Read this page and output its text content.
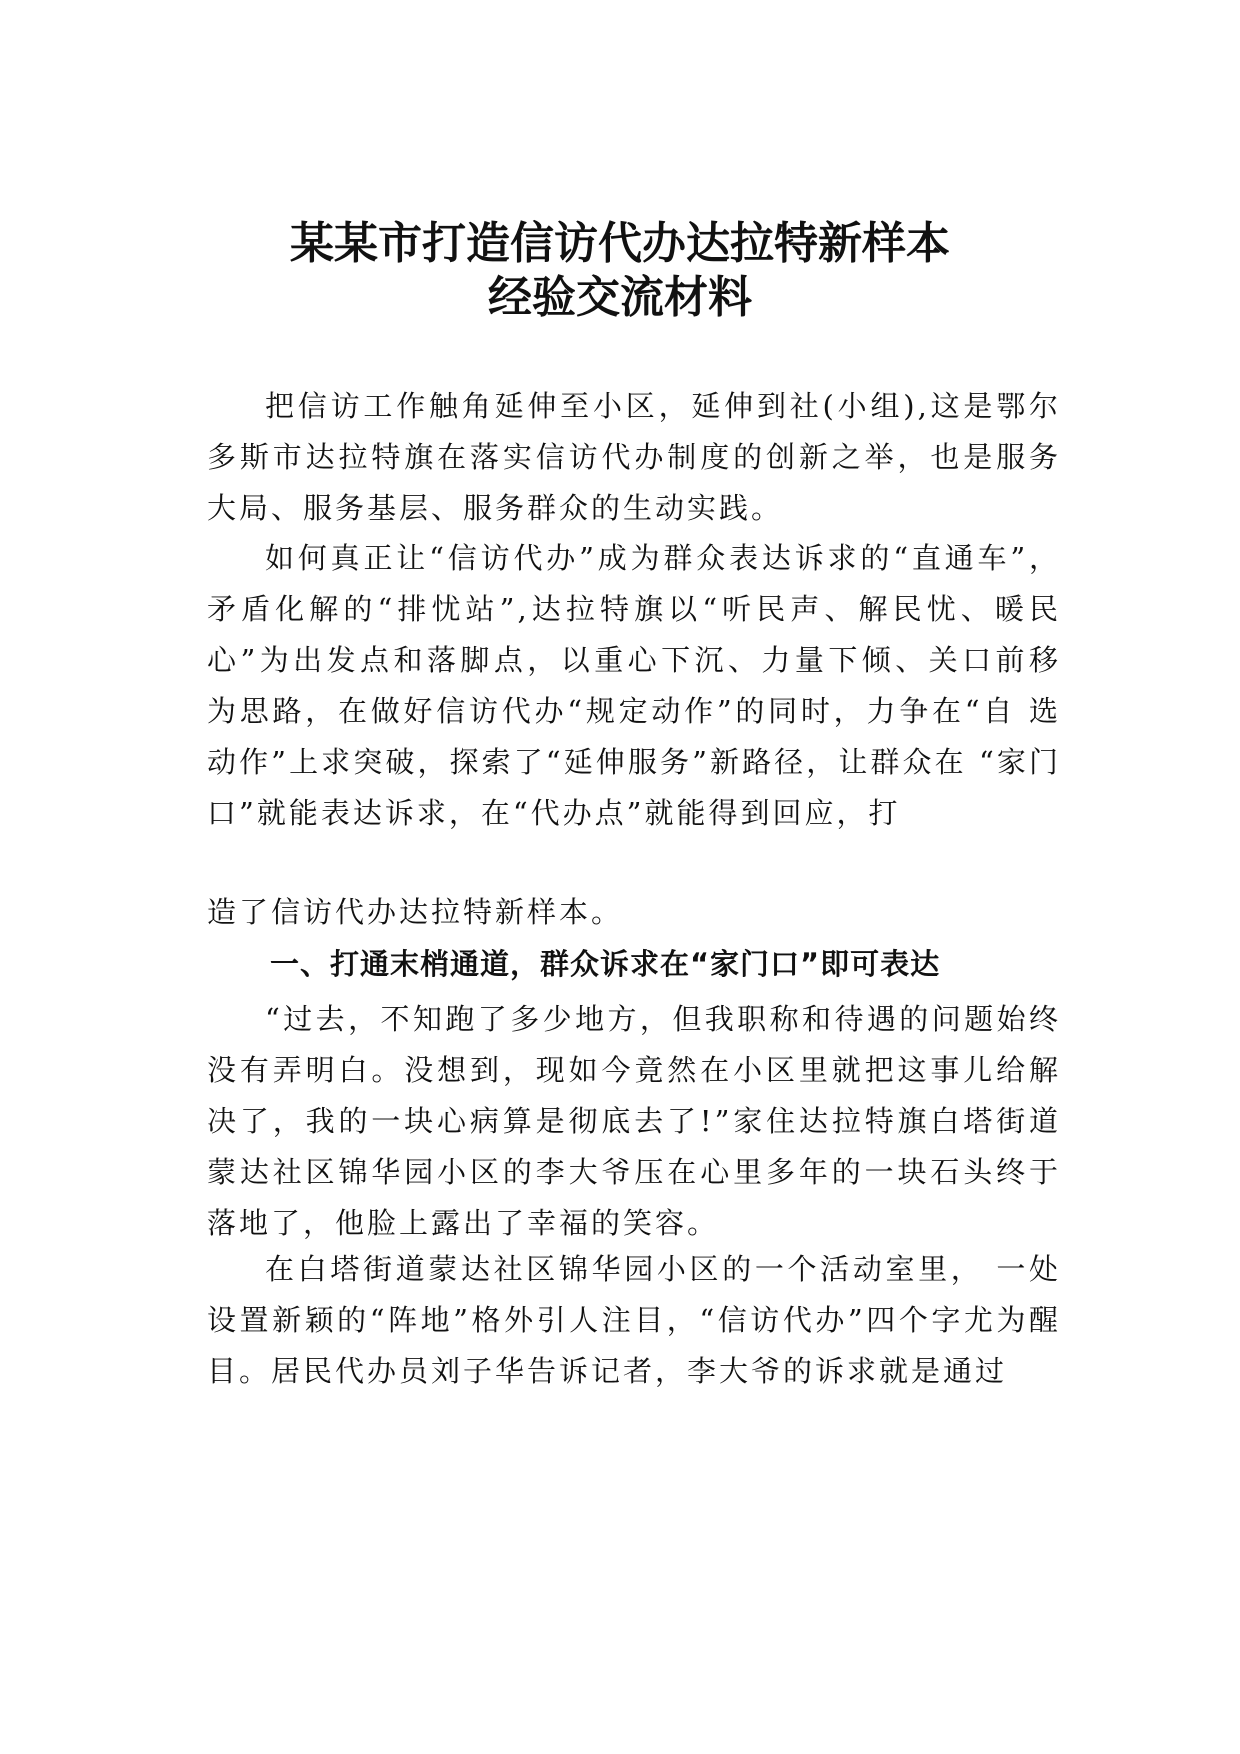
某某市打造信访代办达拉特新样本
经验交流材料

把信访工作触角延伸至小区，延伸到社(小组),这是鄂尔多斯市达拉特旗在落实信访代办制度的创新之举，也是服务大局、服务基层、服务群众的生动实践。

如何真正让“信访代办”成为群众表达诉求的“直通车”，矛盾化解的“排忧站”,达拉特旗以“听民声、解民忧、暖民 心”为出发点和落脚点，以重心下沉、力量下倾、关口前移 为思路，在做好信访代办“规定动作”的同时，力争在“自 选动作”上求突破，探索了“延伸服务”新路径，让群众在 “家门口”就能表达诉求，在“代办点”就能得到回应，打

造了信访代办达拉特新样本。

一、打通末梢通道，群众诉求在“家门口”即可表达

“过去，不知跑了多少地方，但我职称和待遇的问题始终没有弄明白。没想到，现如今竟然在小区里就把这事儿给解决了，我的一块心病算是彻底去了!”家住达拉特旗白塔街道蒙达社区锦华园小区的李大爷压在心里多年的一块石头终于落地了，他脸上露出了幸福的笑容。

在白塔街道蒙达社区锦华园小区的一个活动室里， 一处设置新颖的“阵地”格外引人注目，“信访代办”四个字尤为醒目。居民代办员刘子华告诉记者，李大爷的诉求就是通过
